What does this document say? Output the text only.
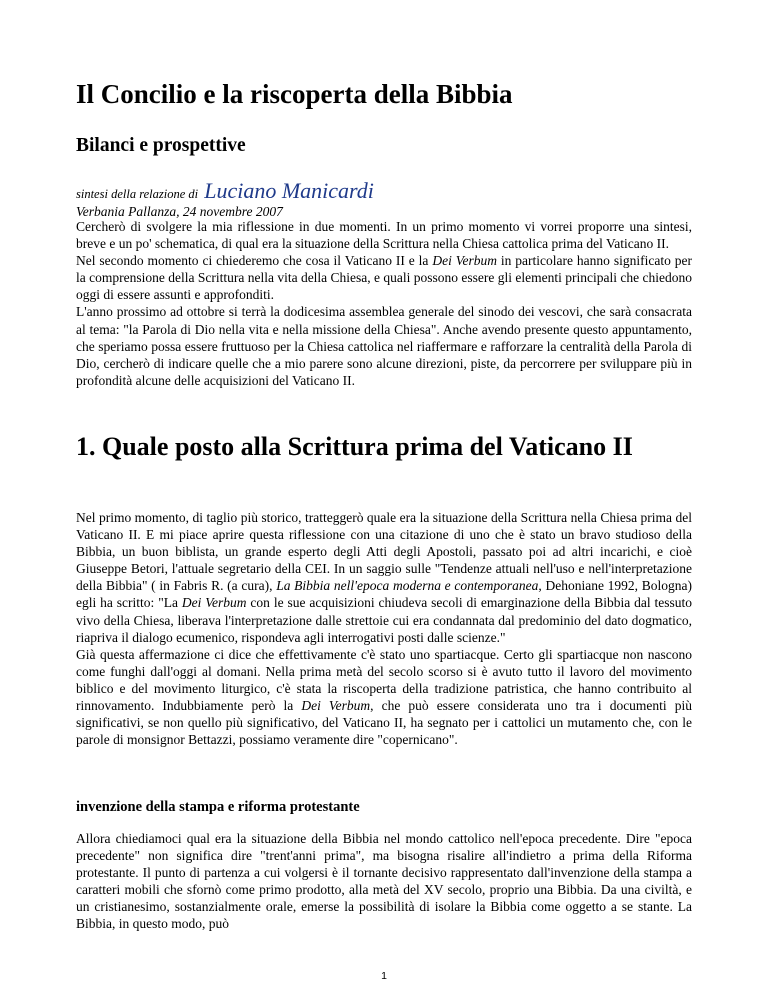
Il Concilio e la riscoperta della Bibbia
Bilanci e prospettive
sintesi della relazione di Luciano Manicardi
Verbania Pallanza, 24 novembre 2007

Cercherò di svolgere la mia riflessione in due momenti. In un primo momento vi vorrei proporre una sintesi, breve e un po' schematica, di qual era la situazione della Scrittura nella Chiesa cattolica prima del Vaticano II.

Nel secondo momento ci chiederemo che cosa il Vaticano II e la Dei Verbum in particolare hanno significato per la comprensione della Scrittura nella vita della Chiesa, e quali possono essere gli elementi principali che chiedono oggi di essere assunti e approfonditi.

L'anno prossimo ad ottobre si terrà la dodicesima assemblea generale del sinodo dei vescovi, che sarà consacrata al tema: "la Parola di Dio nella vita e nella missione della Chiesa". Anche avendo presente questo appuntamento, che speriamo possa essere fruttuoso per la Chiesa cattolica nel riaffermare e rafforzare la centralità della Parola di Dio, cercherò di indicare quelle che a mio parere sono alcune direzioni, piste, da percorrere per sviluppare più in profondità alcune delle acquisizioni del Vaticano II.

1. Quale posto alla Scrittura prima del Vaticano II

Nel primo momento, di taglio più storico, tratteggerò quale era la situazione della Scrittura nella Chiesa prima del Vaticano II. E mi piace aprire questa riflessione con una citazione di uno che è stato un bravo studioso della Bibbia, un buon biblista, un grande esperto degli Atti degli Apostoli, passato poi ad altri incarichi, e cioè Giuseppe Betori, l'attuale segretario della CEI. In un saggio sulle "Tendenze attuali nell'uso e nell'interpretazione della Bibbia" ( in Fabris R. (a cura), La Bibbia nell'epoca moderna e contemporanea, Dehoniane 1992, Bologna) egli ha scritto: "La Dei Verbum con le sue acquisizioni chiudeva secoli di emarginazione della Bibbia dal tessuto vivo della Chiesa, liberava l'interpretazione dalle strettoie cui era condannata dal predominio del dato dogmatico, riapriva il dialogo ecumenico, rispondeva agli interrogativi posti dalle scienze."

Già questa affermazione ci dice che effettivamente c'è stato uno spartiacque. Certo gli spartiacque non nascono come funghi dall'oggi al domani. Nella prima metà del secolo scorso si è avuto tutto il lavoro del movimento biblico e del movimento liturgico, c'è stata la riscoperta della tradizione patristica, che hanno contribuito al rinnovamento. Indubbiamente però la Dei Verbum, che può essere considerata uno tra i documenti più significativi, se non quello più significativo, del Vaticano II, ha segnato per i cattolici un mutamento che, con le parole di monsignor Bettazzi, possiamo veramente dire "copernicano".

invenzione della stampa e riforma protestante

Allora chiediamoci qual era la situazione della Bibbia nel mondo cattolico nell'epoca precedente. Dire "epoca precedente" non significa dire "trent'anni prima", ma bisogna risalire all'indietro a prima della Riforma protestante. Il punto di partenza a cui volgersi è il tornante decisivo rappresentato dall'invenzione della stampa a caratteri mobili che sfornò come primo prodotto, alla metà del XV secolo, proprio una Bibbia. Da una civiltà, e un cristianesimo, sostanzialmente orale, emerse la possibilità di isolare la Bibbia come oggetto a se stante. La Bibbia, in questo modo, può

1
